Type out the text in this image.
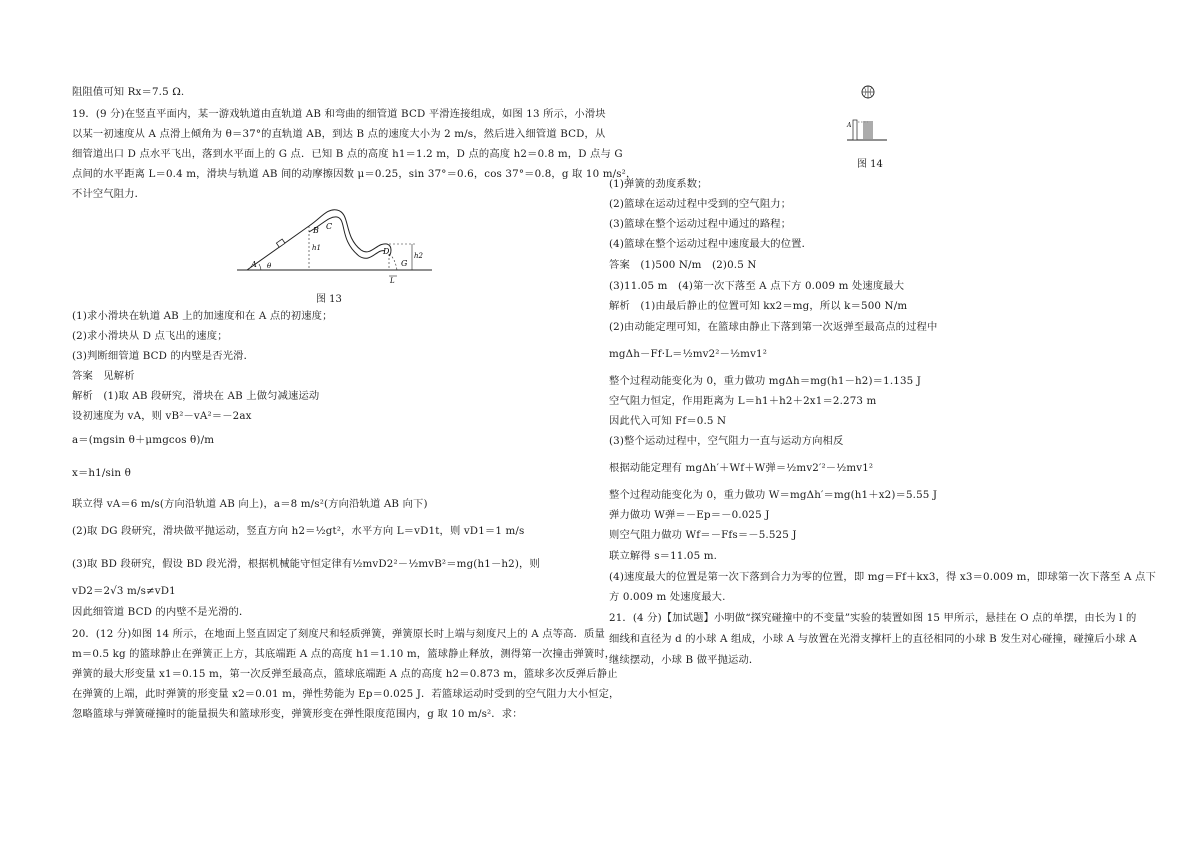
阻阻值可知 Rx＝7.5 Ω.
19．(9 分)在竖直平面内，某一游戏轨道由直轨道 AB 和弯曲的细管道 BCD 平滑连接组成，如图 13 所示，小滑块
以某一初速度从 A 点滑上倾角为 θ＝37°的直轨道 AB，到达 B 点的速度大小为 2 m/s，然后进入细管道 BCD，从
细管道出口 D 点水平飞出，落到水平面上的 G 点．已知 B 点的高度 h1＝1.2 m，D 点的高度 h2＝0.8 m，D 点与 G
点间的水平距离 L＝0.4 m，滑块与轨道 AB 间的动摩擦因数 μ＝0.25，sin 37°＝0.6，cos 37°＝0.8，g 取 10 m/s²，
不计空气阻力．
A θ
B C
D
G
h1
h2
L
图 13
(1)求小滑块在轨道 AB 上的加速度和在 A 点的初速度；
(2)求小滑块从 D 点飞出的速度；
(3)判断细管道 BCD 的内壁是否光滑．
答案　见解析
解析　(1)取 AB 段研究，滑块在 AB 上做匀减速运动
设初速度为 vA，则 vB²－vA²＝－2ax
a＝(mgsin θ＋μmgcos θ)/m
x＝h1/sin θ
联立得 vA＝6 m/s(方向沿轨道 AB 向上)，a＝8 m/s²(方向沿轨道 AB 向下)
(2)取 DG 段研究，滑块做平抛运动，竖直方向 h2＝½gt²，水平方向 L＝vD1t，则 vD1＝1 m/s
(3)取 BD 段研究，假设 BD 段光滑，根据机械能守恒定律有½mvD2²－½mvB²＝mg(h1－h2)，则
vD2＝2√3 m/s≠vD1
因此细管道 BCD 的内壁不是光滑的．
20．(12 分)如图 14 所示，在地面上竖直固定了刻度尺和轻质弹簧，弹簧原长时上端与刻度尺上的 A 点等高．质量
m＝0.5 kg 的篮球静止在弹簧正上方，其底端距 A 点的高度 h1＝1.10 m，篮球静止释放，测得第一次撞击弹簧时，
弹簧的最大形变量 x1＝0.15 m，第一次反弹至最高点，篮球底端距 A 点的高度 h2＝0.873 m，篮球多次反弹后静止
在弹簧的上端，此时弹簧的形变量 x2＝0.01 m，弹性势能为 Ep＝0.025 J．若篮球运动时受到的空气阻力大小恒定，
忽略篮球与弹簧碰撞时的能量损失和篮球形变，弹簧形变在弹性限度范围内，g 取 10 m/s²．求：
A
图 14
(1)弹簧的劲度系数；
(2)篮球在运动过程中受到的空气阻力；
(3)篮球在整个运动过程中通过的路程；
(4)篮球在整个运动过程中速度最大的位置．
答案　(1)500 N/m　(2)0.5 N
(3)11.05 m　(4)第一次下落至 A 点下方 0.009 m 处速度最大
解析　(1)由最后静止的位置可知 kx2＝mg，所以 k＝500 N/m
(2)由动能定理可知，在篮球由静止下落到第一次返弹至最高点的过程中
mgΔh－Ff·L＝½mv2²－½mv1²
整个过程动能变化为 0，重力做功 mgΔh＝mg(h1－h2)＝1.135 J
空气阻力恒定，作用距离为 L＝h1＋h2＋2x1＝2.273 m
因此代入可知 Ff＝0.5 N
(3)整个运动过程中，空气阻力一直与运动方向相反
根据动能定理有 mgΔh′＋Wf＋W弹＝½mv2′²－½mv1²
整个过程动能变化为 0，重力做功 W＝mgΔh′＝mg(h1＋x2)＝5.55 J
弹力做功 W弹＝－Ep＝－0.025 J
则空气阻力做功 Wf＝－Ffs＝－5.525 J
联立解得 s＝11.05 m.
(4)速度最大的位置是第一次下落到合力为零的位置，即 mg＝Ff＋kx3，得 x3＝0.009 m，即球第一次下落至 A 点下
方 0.009 m 处速度最大.
21．(4 分)【加试题】小明做“探究碰撞中的不变量”实验的装置如图 15 甲所示，悬挂在 O 点的单摆，由长为 l 的
细线和直径为 d 的小球 A 组成，小球 A 与放置在光滑支撑杆上的直径相同的小球 B 发生对心碰撞，碰撞后小球 A
继续摆动，小球 B 做平抛运动．
